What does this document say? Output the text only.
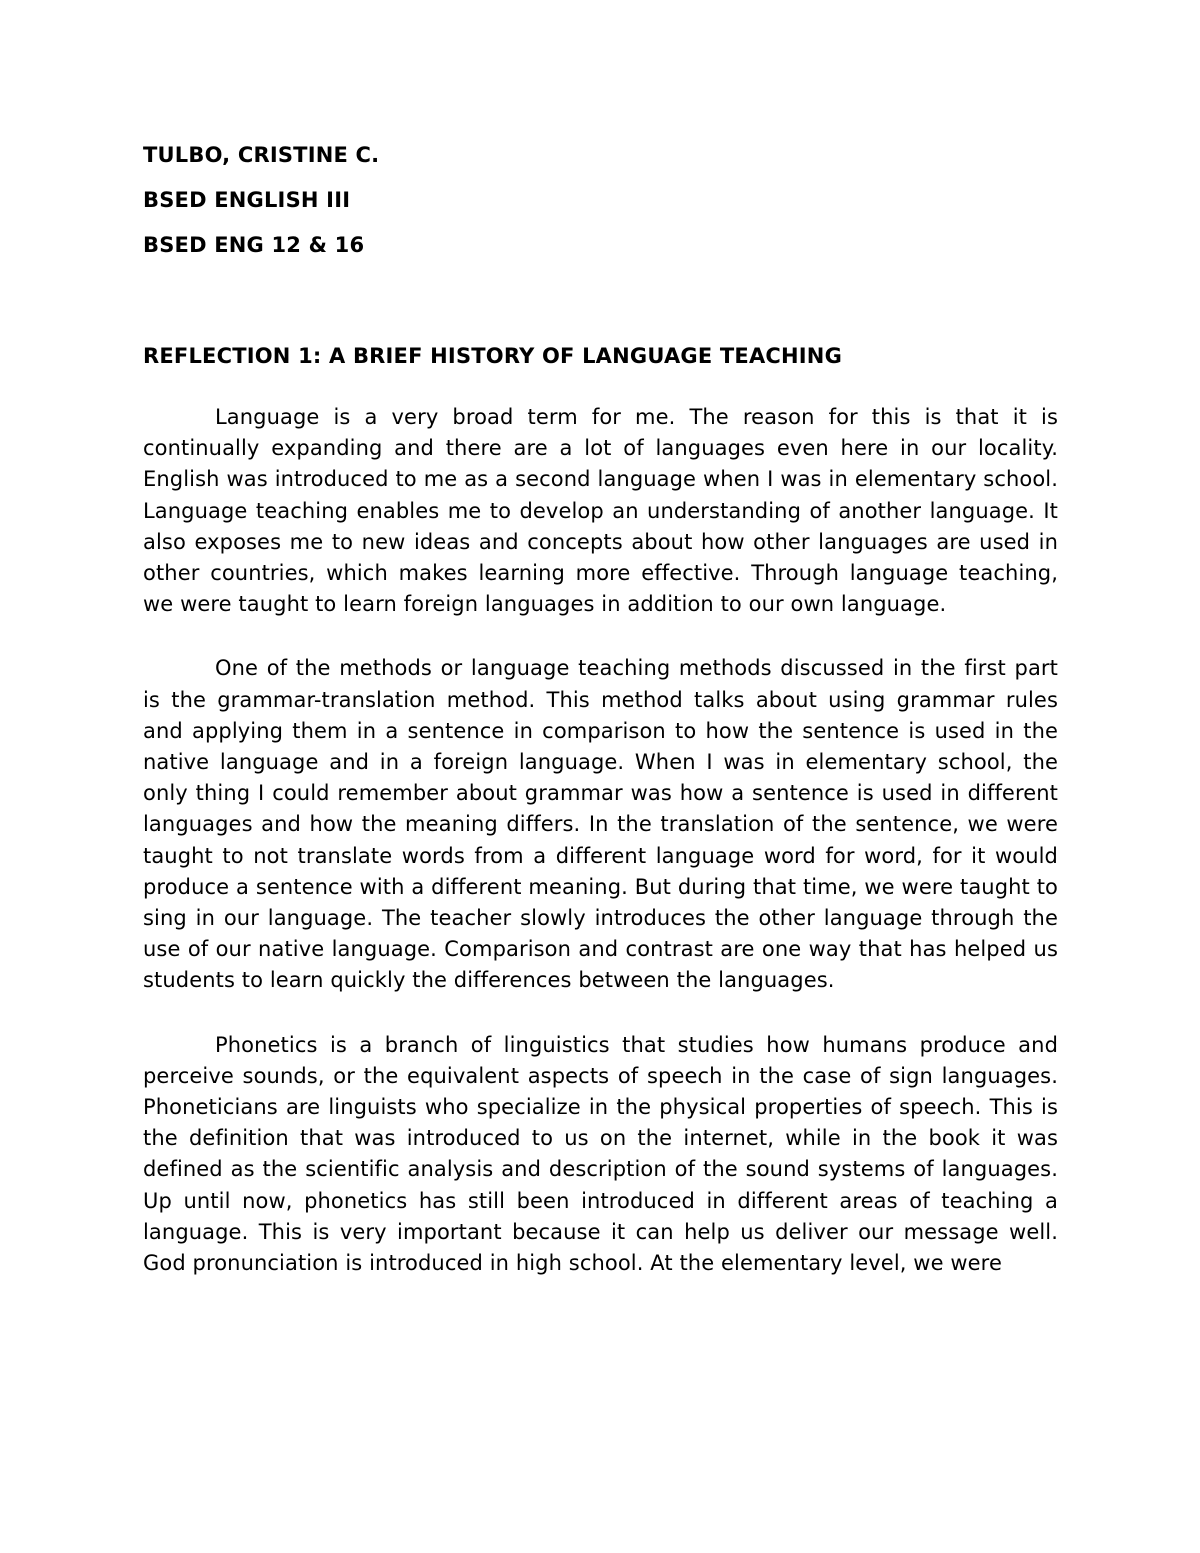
TULBO, CRISTINE C.
BSED ENGLISH III
BSED ENG 12 & 16
REFLECTION 1: A BRIEF HISTORY OF LANGUAGE TEACHING

Language is a very broad term for me. The reason for this is that it is continually expanding and there are a lot of languages even here in our locality. English was introduced to me as a second language when I was in elementary school. Language teaching enables me to develop an understanding of another language. It also exposes me to new ideas and concepts about how other languages are used in other countries, which makes learning more effective. Through language teaching, we were taught to learn foreign languages in addition to our own language.

One of the methods or language teaching methods discussed in the first part is the grammar-translation method. This method talks about using grammar rules and applying them in a sentence in comparison to how the sentence is used in the native language and in a foreign language. When I was in elementary school, the only thing I could remember about grammar was how a sentence is used in different languages and how the meaning differs. In the translation of the sentence, we were taught to not translate words from a different language word for word, for it would produce a sentence with a different meaning. But during that time, we were taught to sing in our language. The teacher slowly introduces the other language through the use of our native language. Comparison and contrast are one way that has helped us students to learn quickly the differences between the languages.

Phonetics is a branch of linguistics that studies how humans produce and perceive sounds, or the equivalent aspects of speech in the case of sign languages. Phoneticians are linguists who specialize in the physical properties of speech. This is the definition that was introduced to us on the internet, while in the book it was defined as the scientific analysis and description of the sound systems of languages. Up until now, phonetics has still been introduced in different areas of teaching a language. This is very important because it can help us deliver our message well. God pronunciation is introduced in high school. At the elementary level, we were
